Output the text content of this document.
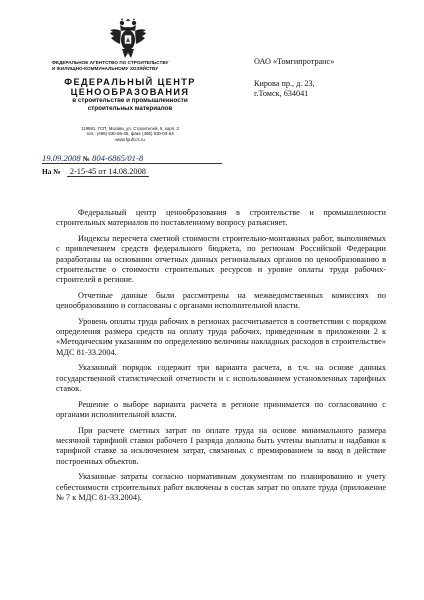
ФЕДЕРАЛЬНОЕ АГЕНТСТВО ПО СТРОИТЕЛЬСТВУ
И ЖИЛИЩНО-КОММУНАЛЬНОМУ ХОЗЯЙСТВУ
ФЕДЕРАЛЬНЫЙ ЦЕНТР
ЦЕНООБРАЗОВАНИЯ
в строительстве и промышленности
строительных материалов
119991, ГСП, Москва, ул. Строителей, 8, корп. 2
тел.: (495) 930-66-45, факс (495) 930-03-63
www.fgufccs.ru
19.09.2008 № 804-6865/01-8
На № 2-15-45 от 14.08.2008
ОАО «Томгипротранс»
Кирова пр., д. 23,
г.Томск, 634041

Федеральный центр ценообразования в строительстве и промышленности строительных материалов по поставленному вопросу разъясняет.

Индексы пересчета сметной стоимости строительно-монтажных работ, выполняемых с привлечением средств федерального бюджета, по регионам Российской Федерации разработаны на основании отчетных данных региональных органов по ценообразованию в строительстве о стоимости строительных ресурсов и уровне оплаты труда рабочих-строителей в регионе.

Отчетные данные были рассмотрены на межведомственных комиссиях по ценообразованию и согласованы с органами исполнительной власти.

Уровень оплаты труда рабочих в регионах рассчитывается в соответствии с порядком определения размера средств на оплату труда рабочих, приведенным в приложении 2 к «Методическим указаниям по определению величины накладных расходов в строительстве» МДС 81-33.2004.

Указанный порядок содержит три варианта расчета, в т.ч. на основе данных государственной статистической отчетности и с использованием установленных тарифных ставок.

Решение о выборе варианта расчета в регионе принимается по согласованию с органами исполнительной власти.

При расчете сметных затрат по оплате труда на основе минимального размера месячной тарифной ставки рабочего I разряда должны быть учтены выплаты и надбавки к тарифной ставке за исключением затрат, связанных с премированием за ввод в действие построенных объектов.

Указанные затраты согласно нормативным документам по планированию и учету себестоимости строительных работ включены в состав затрат по оплате труда (приложение № 7 к МДС 81-33.2004).
